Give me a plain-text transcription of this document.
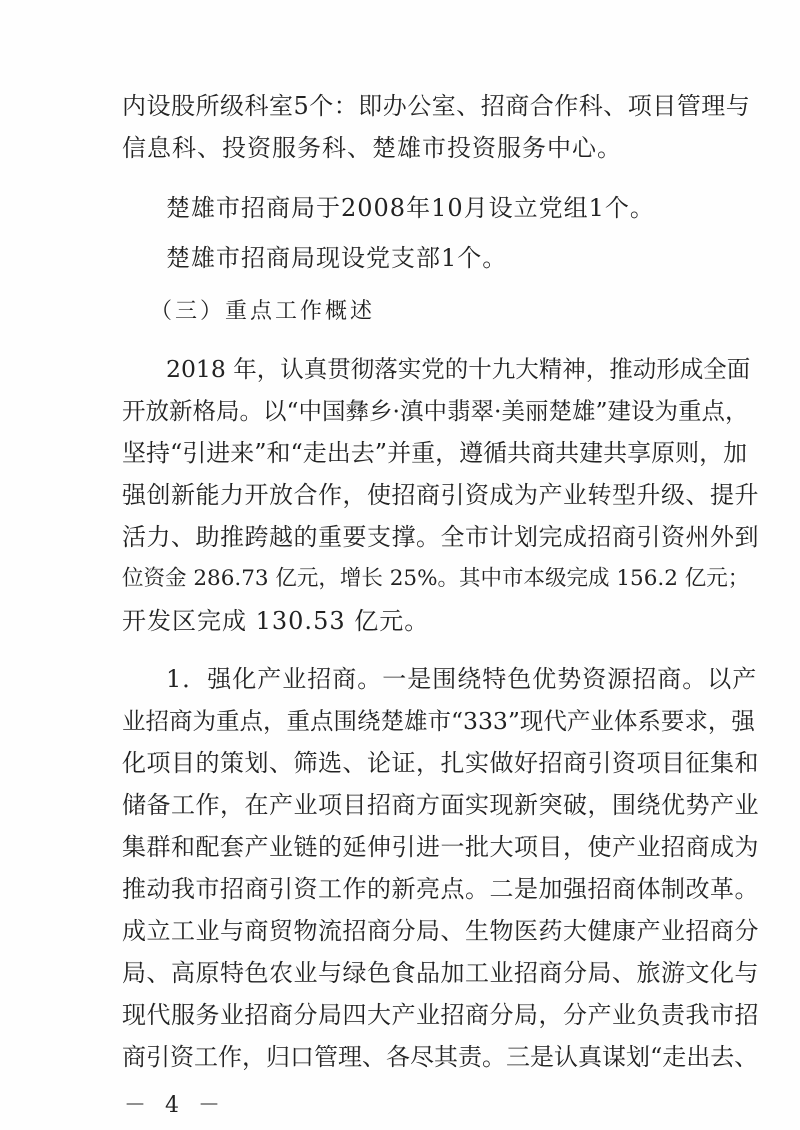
内设股所级科室5个：即办公室、招商合作科、项目管理与
信息科、投资服务科、楚雄市投资服务中心。
楚雄市招商局于2008年10月设立党组1个。
楚雄市招商局现设党支部1个。
（三）重点工作概述
2018 年，认真贯彻落实党的十九大精神，推动形成全面
开放新格局。以“中国彝乡·滇中翡翠·美丽楚雄”建设为重点，
坚持“引进来”和“走出去”并重，遵循共商共建共享原则，加
强创新能力开放合作，使招商引资成为产业转型升级、提升
活力、助推跨越的重要支撑。全市计划完成招商引资州外到
位资金 286.73 亿元，增长 25%。其中市本级完成 156.2 亿元；
开发区完成 130.53 亿元。
1．强化产业招商。一是围绕特色优势资源招商。以产
业招商为重点，重点围绕楚雄市“333”现代产业体系要求，强
化项目的策划、筛选、论证，扎实做好招商引资项目征集和
储备工作，在产业项目招商方面实现新突破，围绕优势产业
集群和配套产业链的延伸引进一批大项目，使产业招商成为
推动我市招商引资工作的新亮点。二是加强招商体制改革。
成立工业与商贸物流招商分局、生物医药大健康产业招商分
局、高原特色农业与绿色食品加工业招商分局、旅游文化与
现代服务业招商分局四大产业招商分局，分产业负责我市招
商引资工作，归口管理、各尽其责。三是认真谋划“走出去、
－ 4 －
